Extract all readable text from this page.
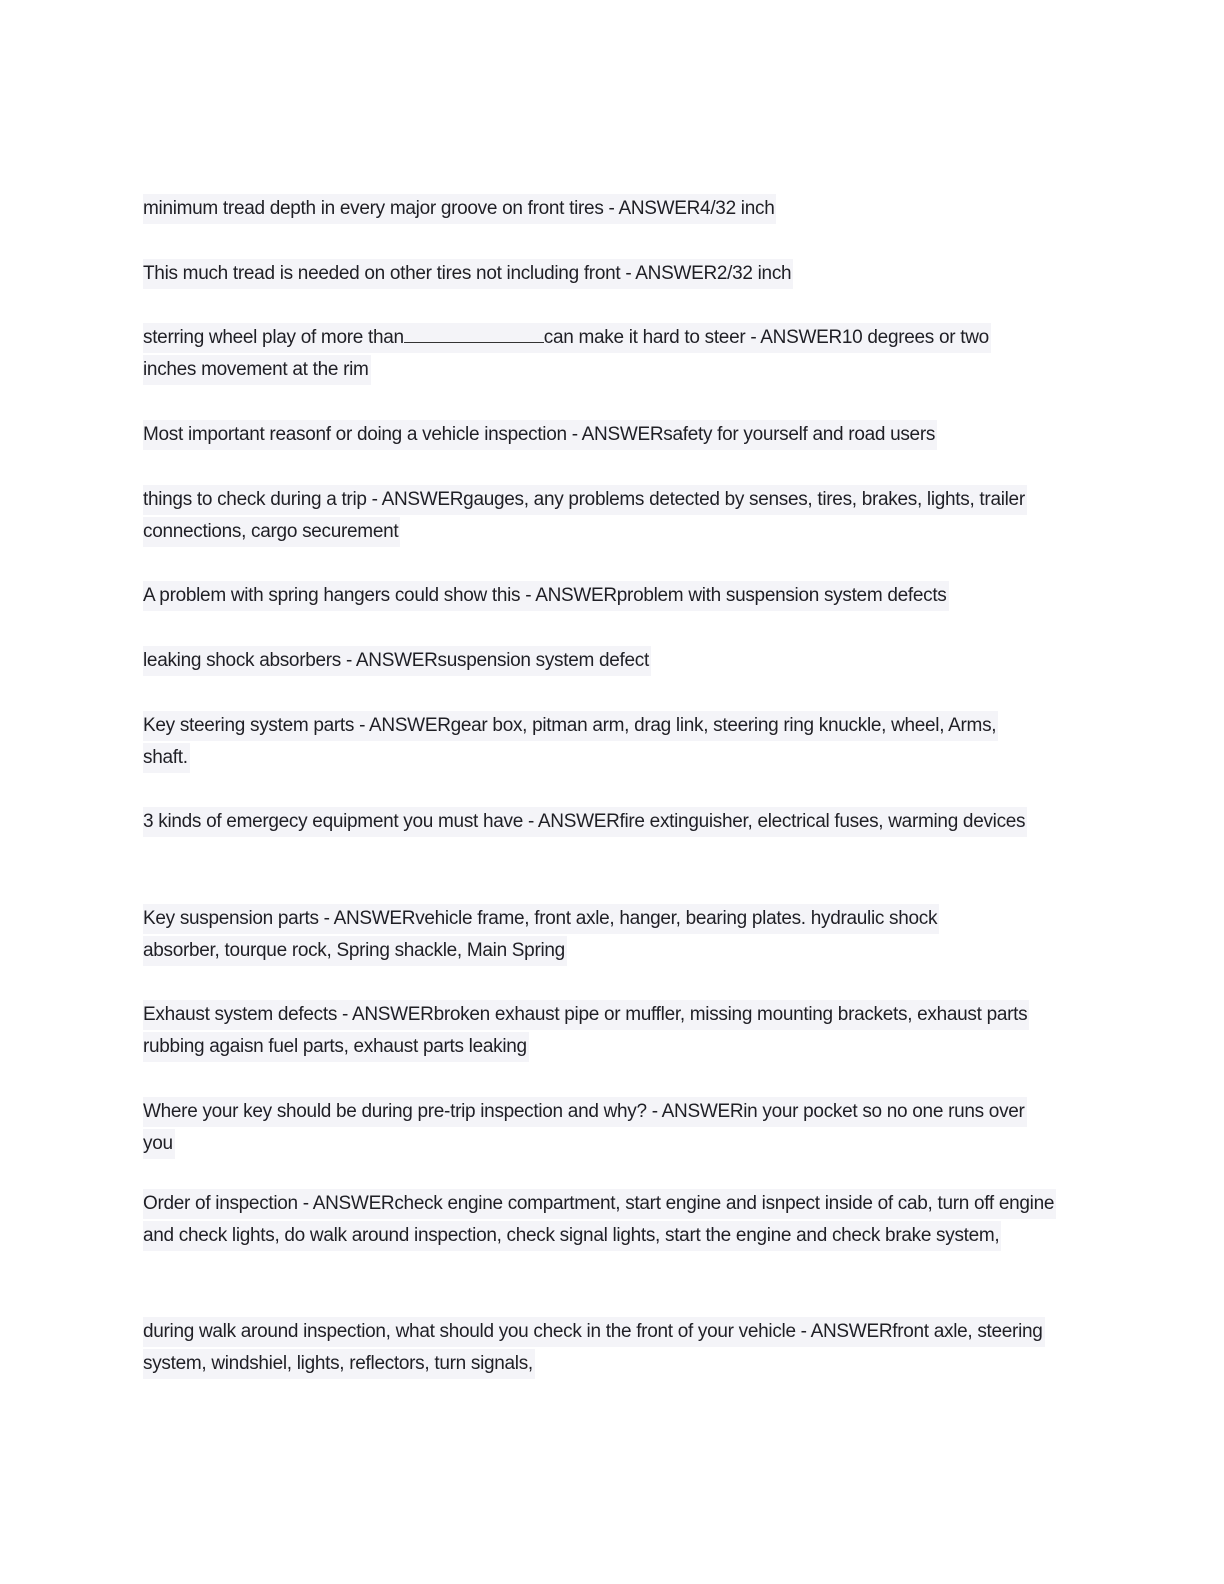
minimum tread depth in every major groove on front tires - ANSWER4/32 inch
This much tread is needed on other tires not including front - ANSWER2/32 inch
sterring wheel play of more than	can make it hard to steer - ANSWER10 degrees or two inches movement at the rim
Most important reasonf or doing a vehicle inspection - ANSWERsafety for yourself and road users
things to check during a trip - ANSWERgauges, any problems detected by senses, tires, brakes, lights, trailer connections, cargo securement
A problem with spring hangers could show this - ANSWERproblem with suspension system defects
leaking shock absorbers - ANSWERsuspension system defect
Key steering system parts - ANSWERgear box, pitman arm, drag link, steering ring knuckle, wheel, Arms, shaft.
3 kinds of emergecy equipment you must have - ANSWERfire extinguisher, electrical fuses, warming devices
Key suspension parts - ANSWERvehicle frame, front axle, hanger, bearing plates. hydraulic shock absorber, tourque rock, Spring shackle, Main Spring
Exhaust system defects - ANSWERbroken exhaust pipe or muffler, missing mounting brackets, exhaust parts rubbing agaisn fuel parts, exhaust parts leaking
Where your key should be during pre-trip inspection and why? - ANSWERin your pocket so no one runs over you
Order of inspection - ANSWERcheck engine compartment, start engine and isnpect inside of cab, turn off engine and check lights, do walk around inspection, check signal lights, start the engine and check brake system,
during walk around inspection, what should you check in the front of your vehicle - ANSWERfront axle, steering system, windshiel, lights, reflectors, turn signals,
